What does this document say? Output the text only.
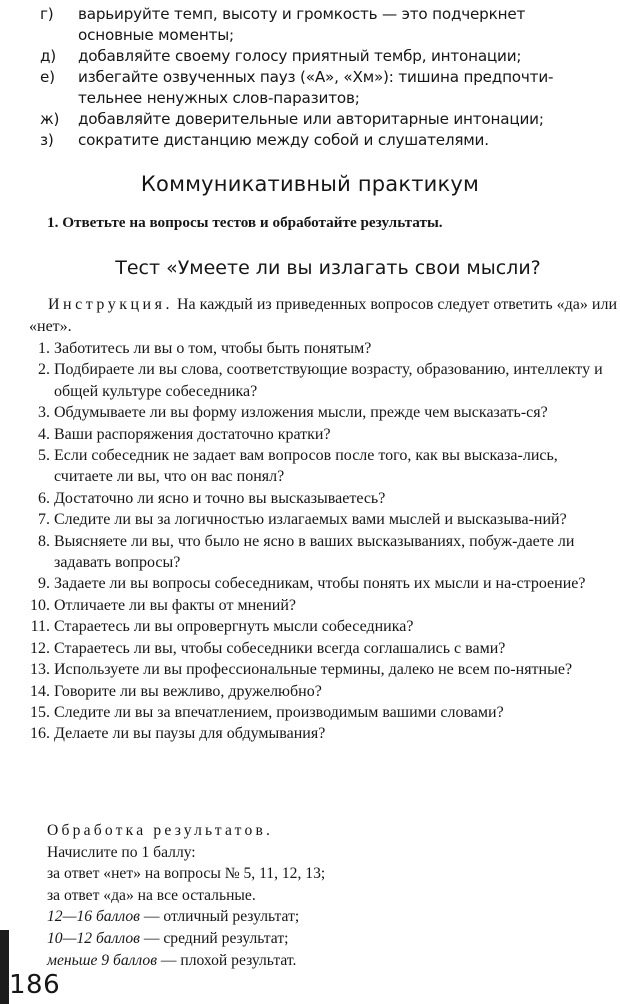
г)	варьируйте темп, высоту и громкость — это подчеркнет
основные моменты;
д)	добавляйте своему голосу приятный тембр, интонации;
е)	избегайте озвученных пауз («А», «Хм»): тишина предпочти-
тельнее ненужных слов-паразитов;
ж)	добавляйте доверительные или авторитарные интонации;
з)	сократите дистанцию между собой и слушателями.
Коммуникативный практикум
1. Ответьте на вопросы тестов и обработайте результаты.
Тест «Умеете ли вы излагать свои мысли?
Инструкция. На каждый из приведенных вопросов следует ответить «да» или «нет».
1. Заботитесь ли вы о том, чтобы быть понятым?
2. Подбираете ли вы слова, соответствующие возрасту, образованию, интеллекту и общей культуре собеседника?
3. Обдумываете ли вы форму изложения мысли, прежде чем высказать-ся?
4. Ваши распоряжения достаточно кратки?
5. Если собеседник не задает вам вопросов после того, как вы высказа-лись, считаете ли вы, что он вас понял?
6. Достаточно ли ясно и точно вы высказываетесь?
7. Следите ли вы за логичностью излагаемых вами мыслей и высказыва-ний?
8. Выясняете ли вы, что было не ясно в ваших высказываниях, побуж-даете ли задавать вопросы?
9. Задаете ли вы вопросы собеседникам, чтобы понять их мысли и на-строение?
10. Отличаете ли вы факты от мнений?
11. Стараетесь ли вы опровергнуть мысли собеседника?
12. Стараетесь ли вы, чтобы собеседники всегда соглашались с вами?
13. Используете ли вы профессиональные термины, далеко не всем по-нятные?
14. Говорите ли вы вежливо, дружелюбно?
15. Следите ли вы за впечатлением, производимым вашими словами?
16. Делаете ли вы паузы для обдумывания?
Обработка результатов.
Начислите по 1 баллу:
за ответ «нет» на вопросы № 5, 11, 12, 13;
за ответ «да» на все остальные.
12—16 баллов — отличный результат;
10—12 баллов — средний результат;
меньше 9 баллов — плохой результат.
186
